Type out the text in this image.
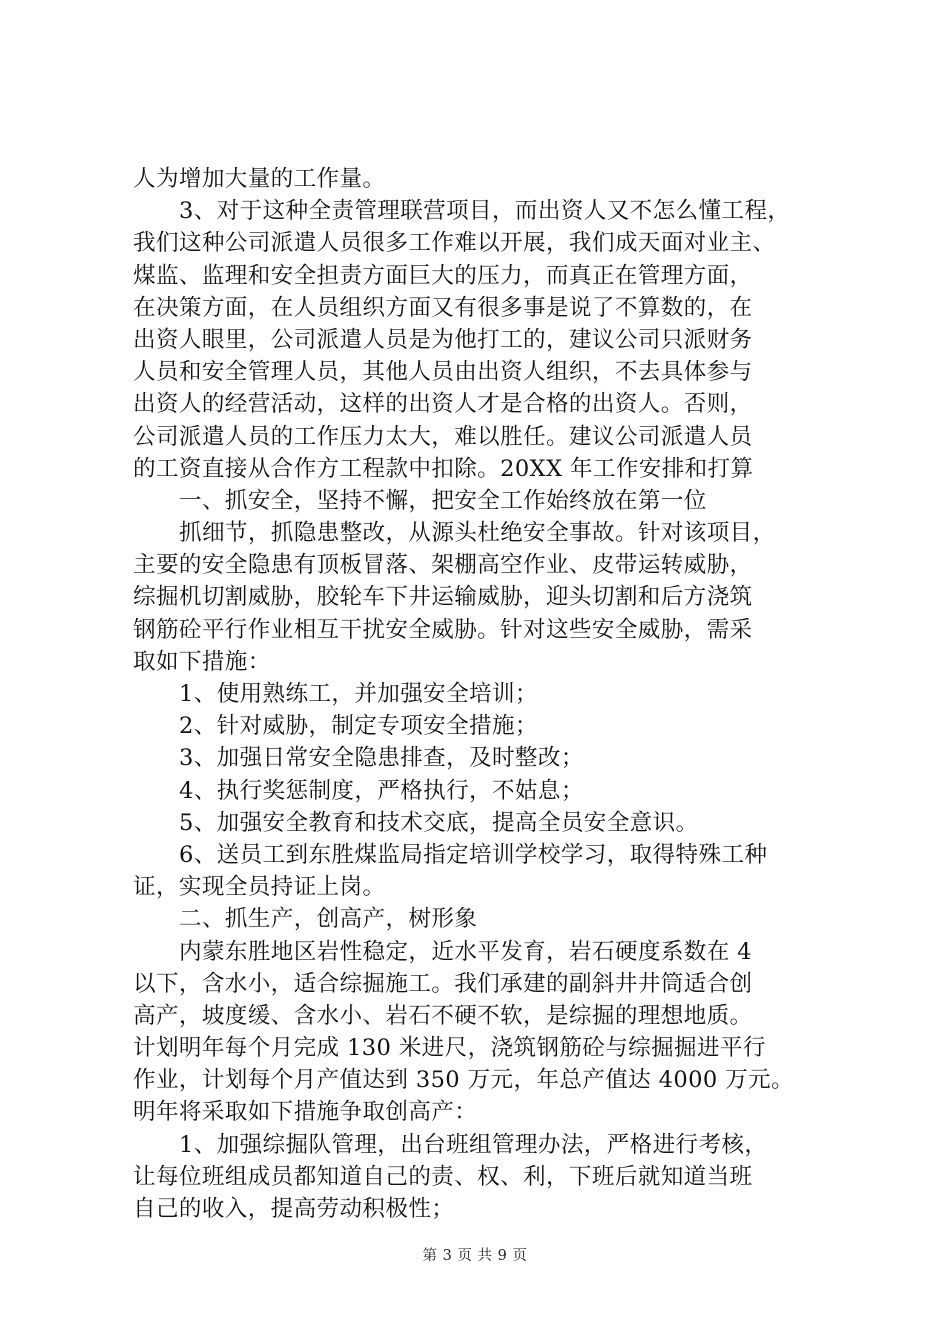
人为增加大量的工作量。
3、对于这种全责管理联营项目，而出资人又不怎么懂工程，
我们这种公司派遣人员很多工作难以开展，我们成天面对业主、
煤监、监理和安全担责方面巨大的压力，而真正在管理方面，
在决策方面，在人员组织方面又有很多事是说了不算数的，在
出资人眼里，公司派遣人员是为他打工的，建议公司只派财务
人员和安全管理人员，其他人员由出资人组织，不去具体参与
出资人的经营活动，这样的出资人才是合格的出资人。否则，
公司派遣人员的工作压力太大，难以胜任。建议公司派遣人员
的工资直接从合作方工程款中扣除。20XX 年工作安排和打算
一、抓安全，坚持不懈，把安全工作始终放在第一位
抓细节，抓隐患整改，从源头杜绝安全事故。针对该项目，
主要的安全隐患有顶板冒落、架棚高空作业、皮带运转威胁，
综掘机切割威胁，胶轮车下井运输威胁，迎头切割和后方浇筑
钢筋砼平行作业相互干扰安全威胁。针对这些安全威胁，需采
取如下措施：
1、使用熟练工，并加强安全培训；
2、针对威胁，制定专项安全措施；
3、加强日常安全隐患排查，及时整改；
4、执行奖惩制度，严格执行，不姑息；
5、加强安全教育和技术交底，提高全员安全意识。
6、送员工到东胜煤监局指定培训学校学习，取得特殊工种
证，实现全员持证上岗。
二、抓生产，创高产，树形象
内蒙东胜地区岩性稳定，近水平发育，岩石硬度系数在 4
以下，含水小，适合综掘施工。我们承建的副斜井井筒适合创
高产，坡度缓、含水小、岩石不硬不软，是综掘的理想地质。
计划明年每个月完成 130 米进尺，浇筑钢筋砼与综掘掘进平行
作业，计划每个月产值达到 350 万元，年总产值达 4000 万元。
明年将采取如下措施争取创高产：
1、加强综掘队管理，出台班组管理办法，严格进行考核，
让每位班组成员都知道自己的责、权、利，下班后就知道当班
自己的收入，提高劳动积极性；
第 3 页 共 9 页
